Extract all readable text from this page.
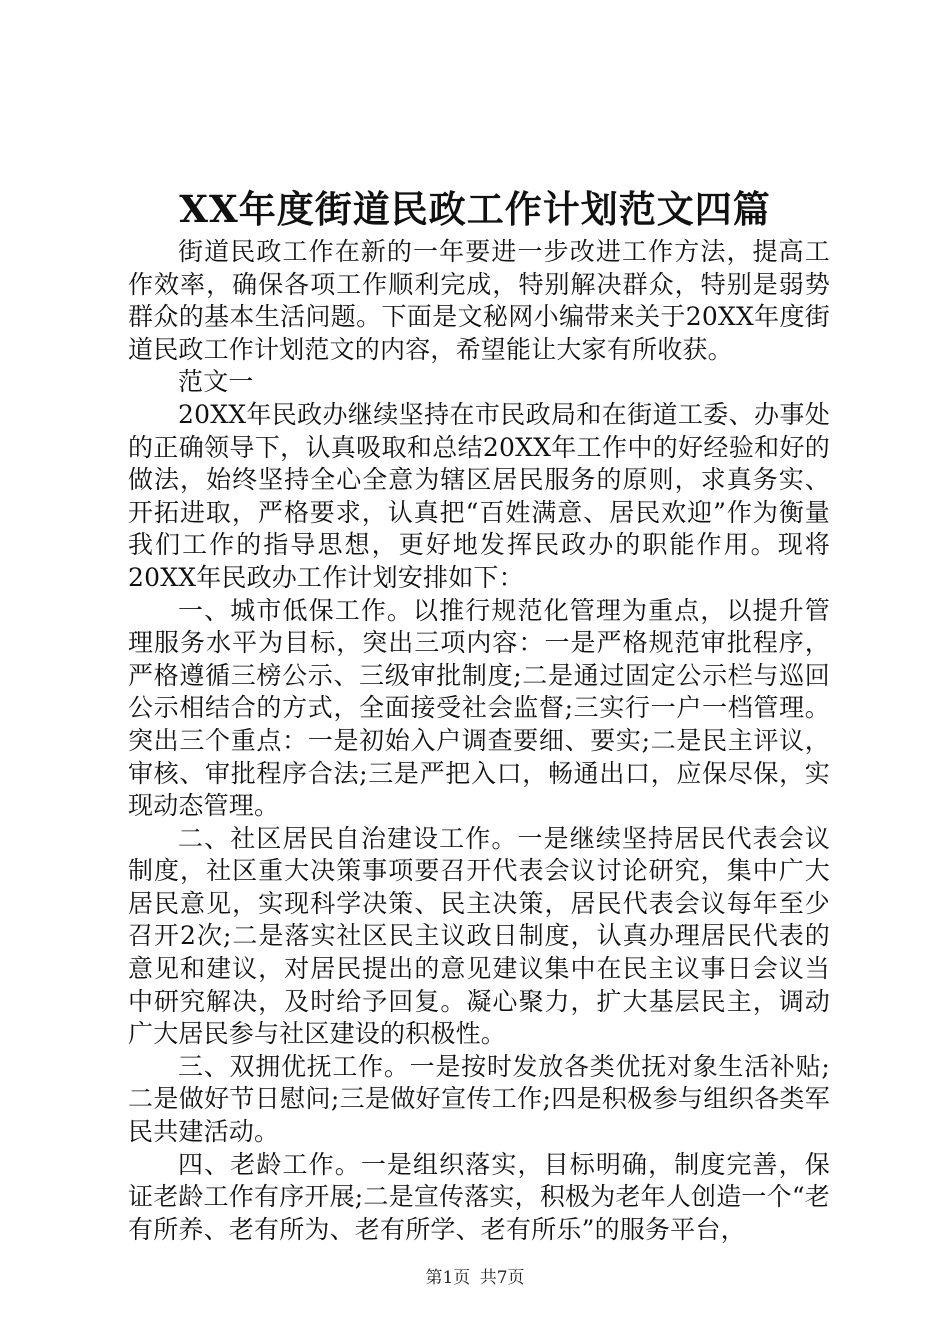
XX年度街道民政工作计划范文四篇

街道民政工作在新的一年要进一步改进工作方法，提高工作效率，确保各项工作顺利完成，特别解决群众，特别是弱势群众的基本生活问题。下面是文秘网小编带来关于20XX年度街道民政工作计划范文的内容，希望能让大家有所收获。

范文一

20XX年民政办继续坚持在市民政局和在街道工委、办事处的正确领导下，认真吸取和总结20XX年工作中的好经验和好的做法，始终坚持全心全意为辖区居民服务的原则，求真务实、开拓进取，严格要求，认真把“百姓满意、居民欢迎”作为衡量我们工作的指导思想，更好地发挥民政办的职能作用。现将20XX年民政办工作计划安排如下：

一、城市低保工作。以推行规范化管理为重点，以提升管理服务水平为目标，突出三项内容：一是严格规范审批程序，严格遵循三榜公示、三级审批制度;二是通过固定公示栏与巡回公示相结合的方式，全面接受社会监督;三实行一户一档管理。突出三个重点：一是初始入户调查要细、要实;二是民主评议，审核、审批程序合法;三是严把入口，畅通出口，应保尽保，实现动态管理。

二、社区居民自治建设工作。一是继续坚持居民代表会议制度，社区重大决策事项要召开代表会议讨论研究，集中广大居民意见，实现科学决策、民主决策，居民代表会议每年至少召开2次;二是落实社区民主议政日制度，认真办理居民代表的意见和建议，对居民提出的意见建议集中在民主议事日会议当中研究解决，及时给予回复。凝心聚力，扩大基层民主，调动广大居民参与社区建设的积极性。

三、双拥优抚工作。一是按时发放各类优抚对象生活补贴;二是做好节日慰问;三是做好宣传工作;四是积极参与组织各类军民共建活动。

四、老龄工作。一是组织落实，目标明确，制度完善，保证老龄工作有序开展;二是宣传落实，积极为老年人创造一个“老有所养、老有所为、老有所学、老有所乐”的服务平台，

第1页 共7页
